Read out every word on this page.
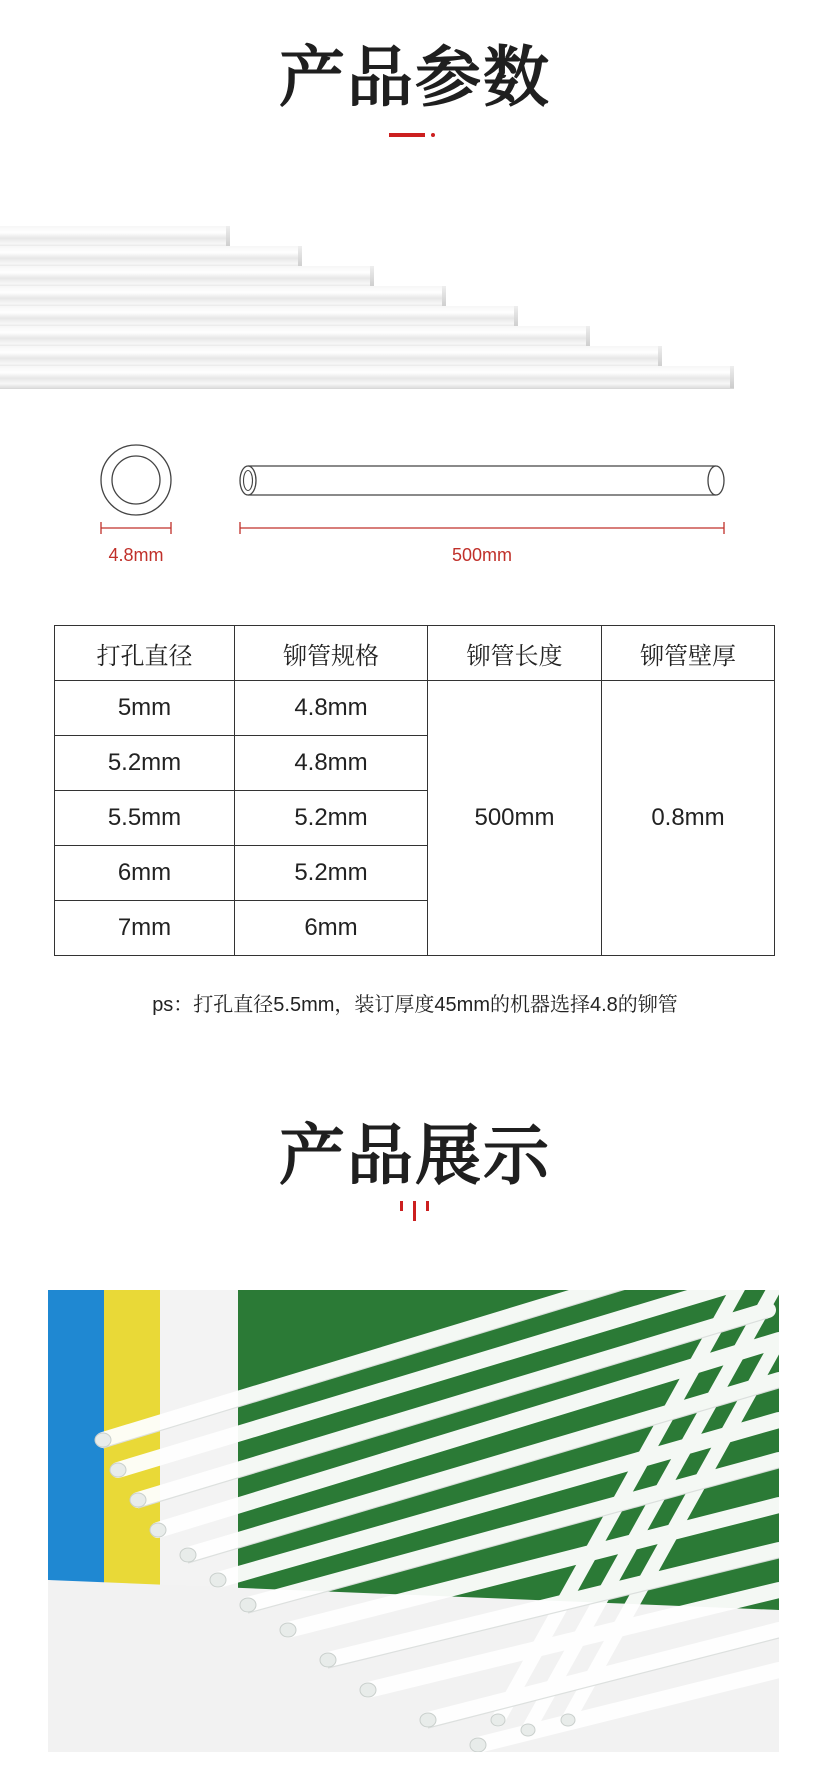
产品参数
4.8mm	500mm
打孔直径	铆管规格	铆管长度	铆管壁厚
5mm	4.8mm	500mm	0.8mm
5.2mm	4.8mm		
5.5mm	5.2mm		
6mm	5.2mm		
7mm	6mm		
ps：打孔直径5.5mm，装订厚度45mm的机器选择4.8的铆管
产品展示
